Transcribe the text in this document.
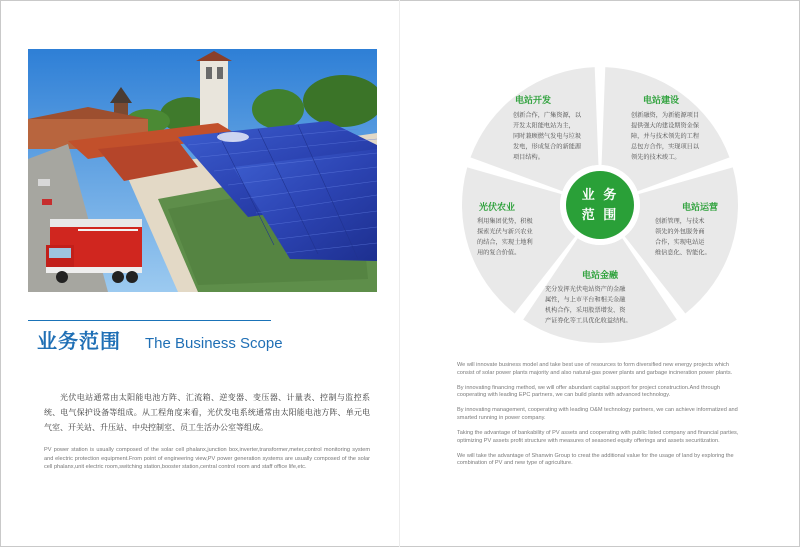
业务范围 The Business Scope
光伏电站通常由太阳能电池方阵、汇流箱、逆变器、变压器、计量表、控制与监控系统、电气保护设备等组成。从工程角度来看，光伏发电系统通常由太阳能电池方阵、单元电气室、开关站、升压站、中央控制室、员工生活办公室等组成。
PV power station is usually composed of the solar cell phalanx,junction box,inverter,transformer,meter,control monitoring system and electric protection equipment.From point of engineering view,PV power generation systems are usually composed of the solar cell phalanx,unit electric room,switching station,booster station,central control room and staff office life,etc.
电站开发
创新合作，广集资源，以
开发太阳能电站为主，
同时兼顾燃气发电与垃圾
发电，形成复合的新能源
项目结构。
电站建设
创新融资，为新能源项目
提供强大的建设期资金保
障，并与技术领先的工程
总包方合作，实现项目以
领先的技术竣工。
电站运营
创新管理，与技术
领先的外包服务商
合作，实现电站运
维信息化、智能化。
电站金融
充分发挥光伏电站资产的金融
属性，与上市平台和相关金融
机构合作，采用股票增发、资
产证券化等工具优化收益结构。
光伏农业
利用集团优势，积极
探索光伏与新兴农业
的结合，实现土地利
用的复合价值。
业 务
范 围

We will innovate business model and take best use of resources to form diversified new energy projects which consist of solar power plants majority and also natural-gas power plants and garbage incineration power plants.

By innovating financing method, we will offer abundant capital support for project construction.And through cooperating with leading EPC partners, we can build plants with advanced technology.

By innovating management, cooperating with leading O&M technology partners, we can achieve informatized and smarted running in power company.

Taking the advantage of bankability of PV assets and cooperating with public listed company and financial parties, optimizing PV assets profit structure with measures of seasoned equity offerings and assets securitization.

We will take the advantage of Shanwin Group to creat the additional value for the usage of land by exploring the combination of PV and new type of agriculture.
